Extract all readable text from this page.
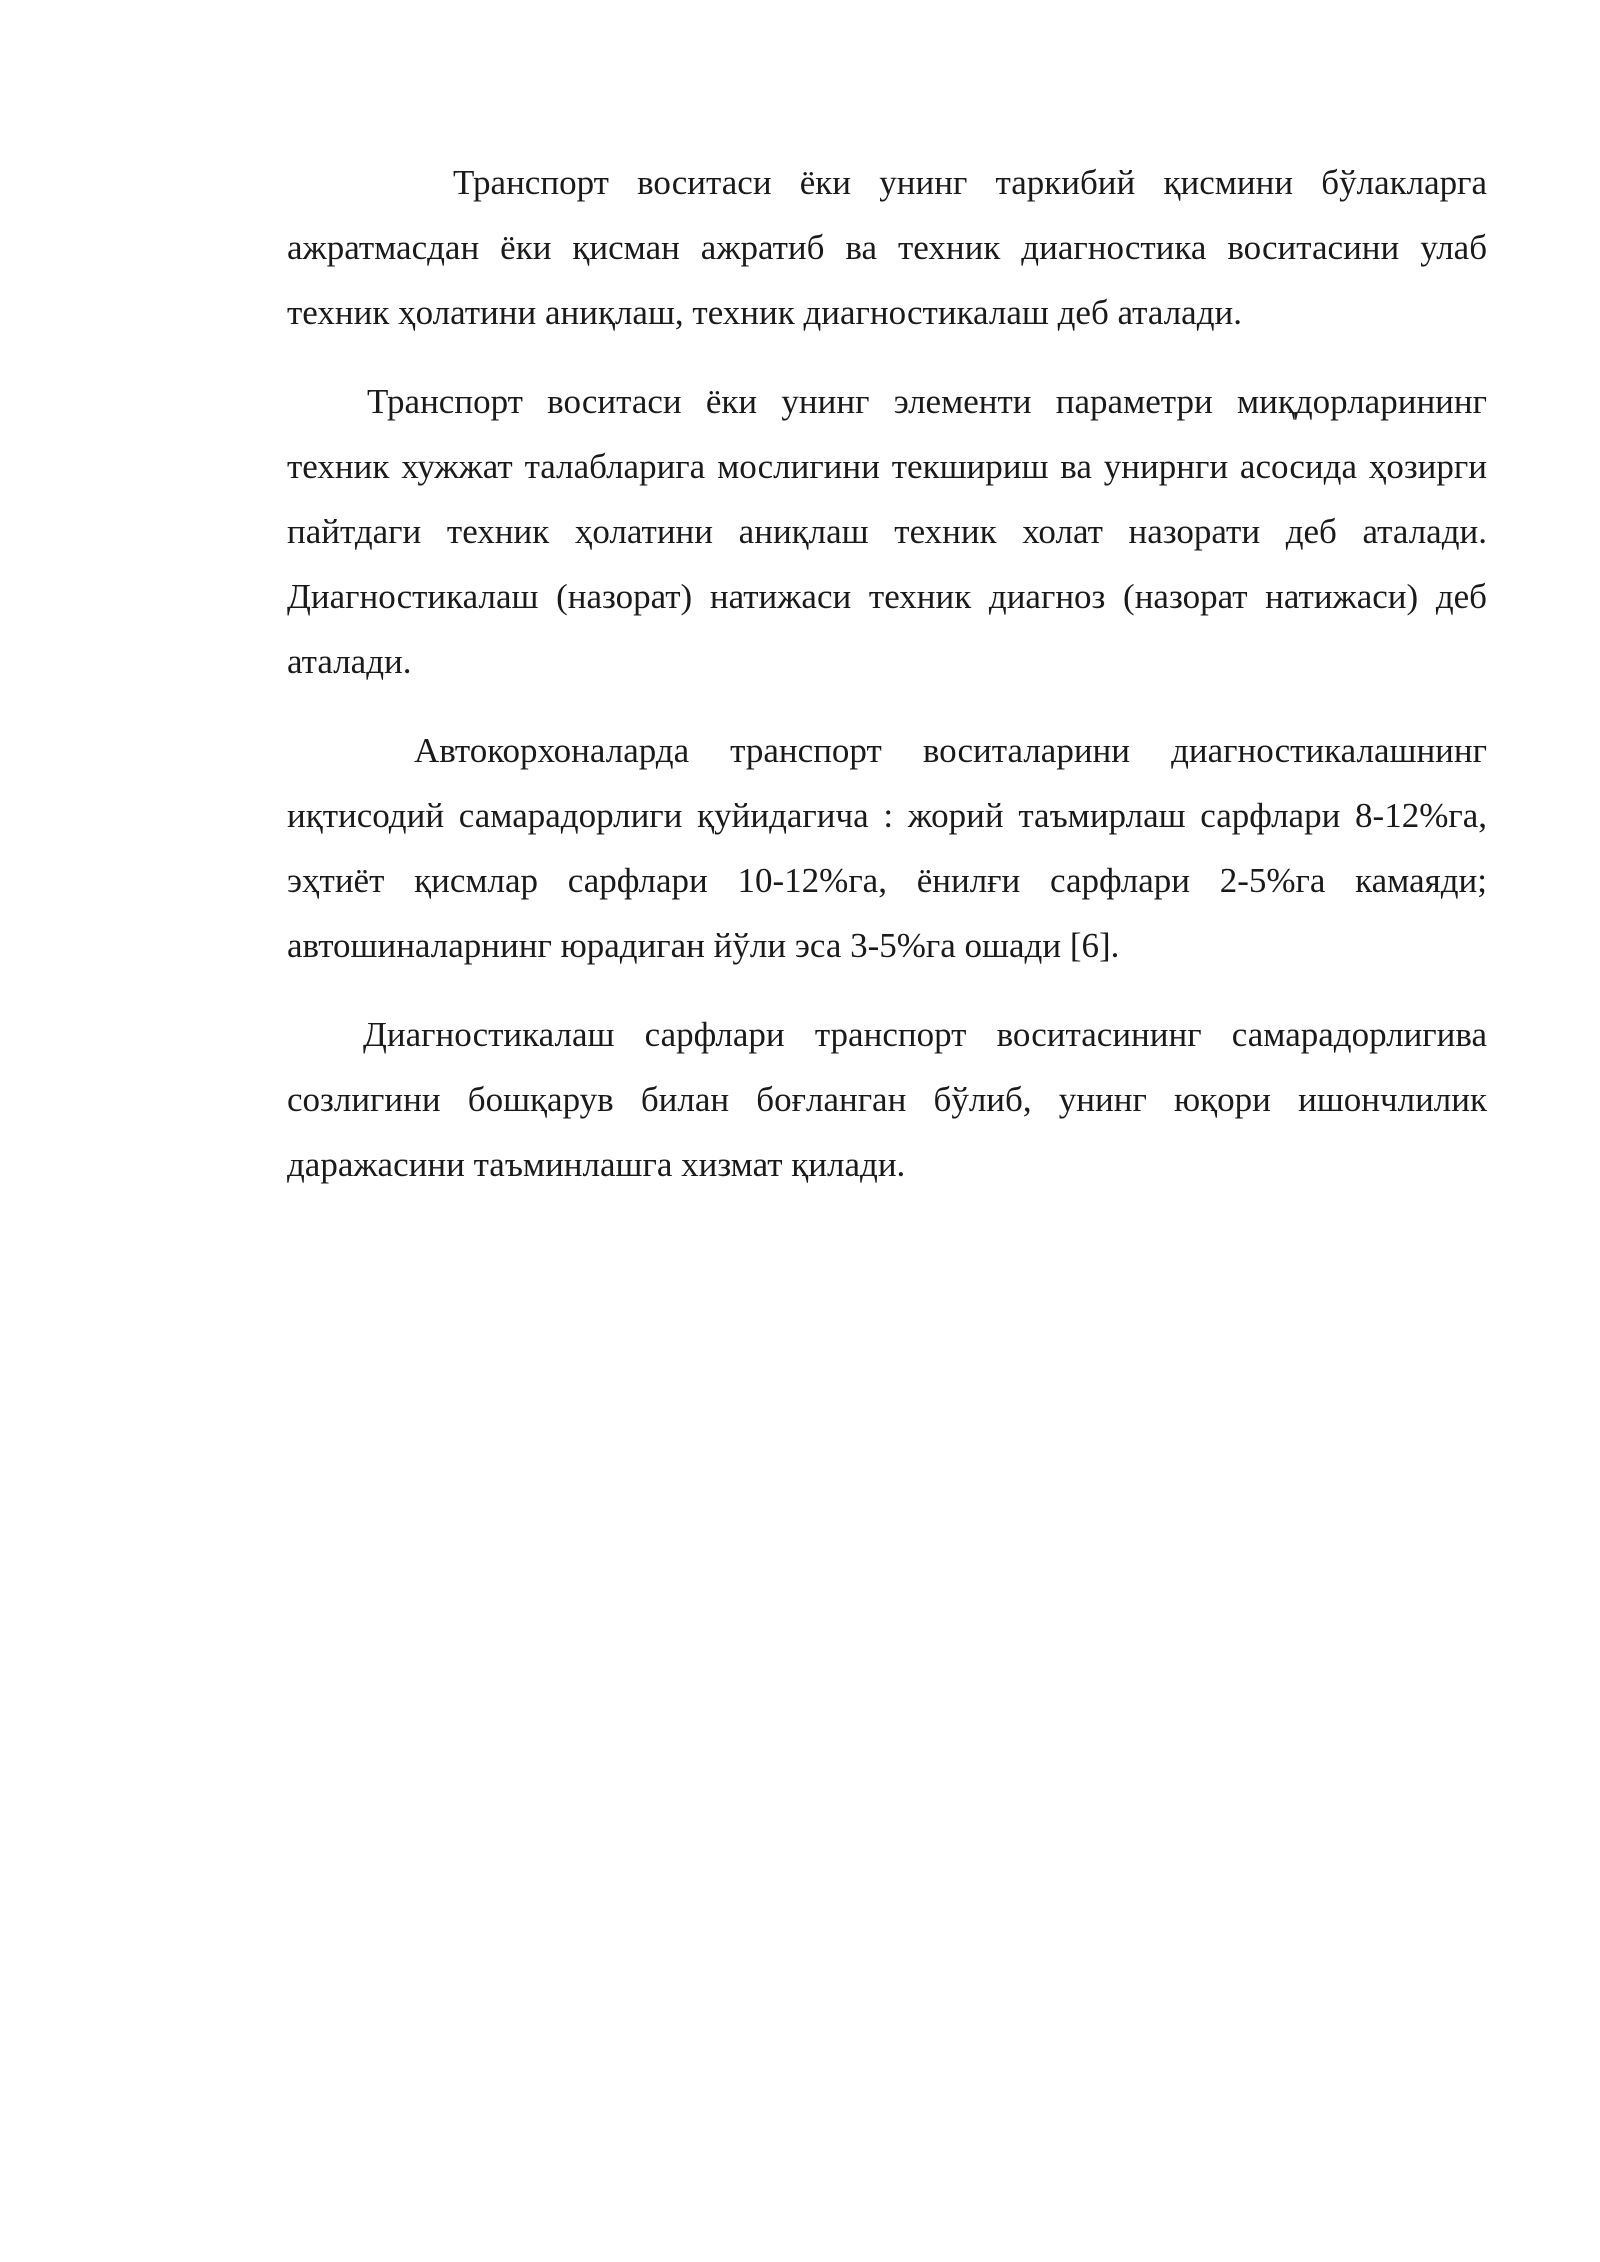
Транспорт воситаси ёки унинг таркибий қисмини бўлакларга ажратмасдан ёки қисман ажратиб ва техник диагностика воситасини улаб техник ҳолатини аниқлаш, техник диагностикалаш деб аталади.

Транспорт воситаси ёки унинг элементи параметри миқдорларининг техник хужжат талабларига мослигини текшириш ва унирнги асосида ҳозирги пайтдаги техник ҳолатини аниқлаш техник холат назорати деб аталади. Диагностикалаш (назорат) натижаси техник диагноз (назорат натижаси) деб аталади.

Автокорхоналарда транспорт воситаларини диагностикалашнинг иқтисодий самарадорлиги қуйидагича : жорий таъмирлаш сарфлари 8-12%га, эҳтиёт қисмлар сарфлари 10-12%га, ёнилғи сарфлари 2-5%га камаяди; автошиналарнинг юрадиган йўли эса 3-5%га ошади [6].

Диагностикалаш сарфлари транспорт воситасининг самарадорлигива созлигини бошқарув билан боғланган бўлиб, унинг юқори ишончлилик даражасини таъминлашга хизмат қилади.
